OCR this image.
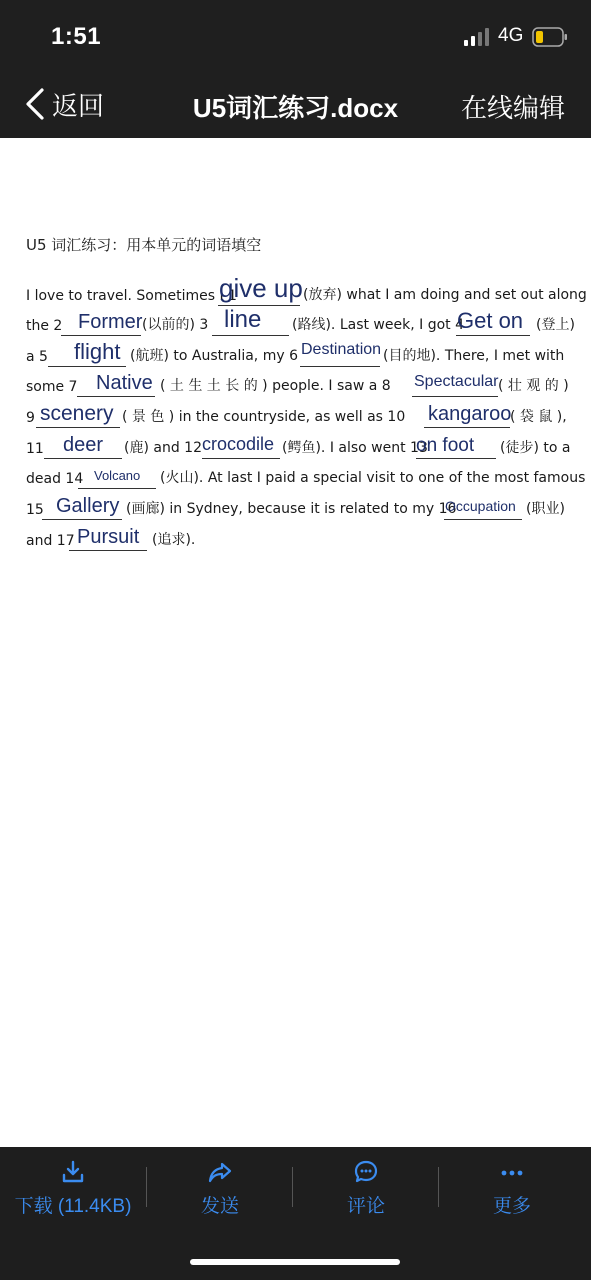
1:51	4G
返回	U5词汇练习.docx	在线编辑
U5 词汇练习：用本单元的词语填空
I love to travel. Sometimes I 1
give up (放弃) what I am doing and set out along
the 2 Former (以前的) 3 line (路线). Last week, I got 4
Get on (登上)
a 5 flight (航班) to Australia, my 6 Destination (目的地). There, I met with
some 7 Native ( 土 生 土 长 的 ) people. I saw a 8 Spectacular ( 壮 观 的 )
9 scenery ( 景 色 ) in the countryside, as well as 10 kangaroo
( 袋 鼠 ),
11 deer (鹿) and 12 crocodile (鳄鱼). I also went 13
on foot (徒步) to a
dead 14 Volcano (火山). At last I paid a special visit to one of the most famous
15 Gallery (画廊) in Sydney, because it is related to my 16
Occupation (职业)
and 17 Pursuit (追求).
下载 (11.4KB)	发送	评论	更多
